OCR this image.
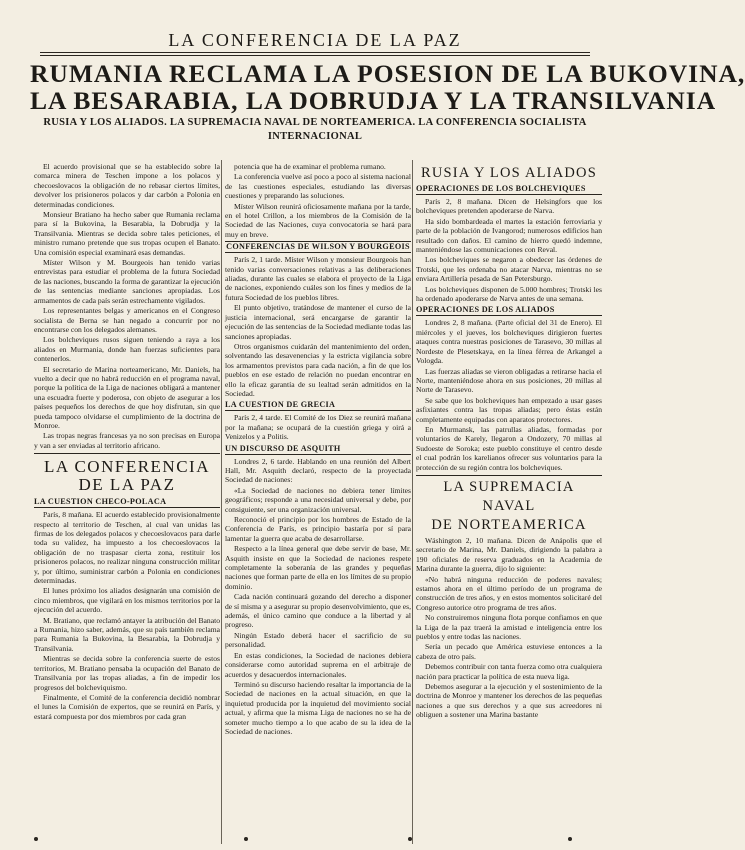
LA CONFERENCIA DE LA PAZ
RUMANIA RECLAMA LA POSESION DE LA BUKOVINA,
LA BESARABIA, LA DOBRUDJA Y LA TRANSILVANIA
RUSIA Y LOS ALIADOS. LA SUPREMACIA NAVAL DE NORTEAMERICA. LA CONFERENCIA SOCIALISTA INTERNACIONAL

El acuerdo provisional que se ha establecido sobre la comarca minera de Teschen impone a los polacos y checoeslovacos la obligación de no rebasar ciertos límites, devolver los prisioneros polacos y dar carbón a Polonia en determinadas condiciones.

Monsieur Bratiano ha hecho saber que Rumania reclama para sí la Bukovina, la Besarabia, la Dobrudja y la Transilvania. Mientras se decida sobre tales peticiones, el ministro rumano pretende que sus tropas ocupen el Banato. Una comisión especial examinará esas demandas.

Míster Wilson y M. Bourgeois han tenido varias entrevistas para estudiar el problema de la futura Sociedad de las naciones, buscando la forma de garantizar la ejecución de las sentencias mediante sanciones apropiadas. Los armamentos de cada país serán estrechamente vigilados.

Los representantes belgas y americanos en el Congreso socialista de Berna se han negado a concurrir por no encontrarse con los delegados alemanes.

Los bolcheviques rusos siguen teniendo a raya a los aliados en Murmania, donde han fuerzas suficientes para contenerlos.

El secretario de Marina norteamericano, Mr. Daniels, ha vuelto a decir que no habrá reducción en el programa naval, porque la política de la Liga de naciones obligará a mantener una escuadra fuerte y poderosa, con objeto de asegurar a los países pequeños los derechos de que hoy disfrutan, sin que pueda tampoco olvidarse el cumplimiento de la doctrina de Monroe.

Las tropas negras francesas ya no son precisas en Europa y van a ser enviadas al territorio africano.

LA CONFERENCIA DE LA PAZ
LA CUESTION CHECO-POLACA

París, 8 mañana. El acuerdo establecido provisionalmente respecto al territorio de Teschen, al cual van unidas las firmas de los delegados polacos y checoeslovacos para darle toda su validez, ha impuesto a los checoeslovacos la obligación de no traspasar cierta zona, restituir los prisioneros polacos, no realizar ninguna construcción militar y, por último, suministrar carbón a Polonia en condiciones determinadas.

El lunes próximo los aliados designarán una comisión de cinco miembros, que vigilará en los mismos territorios por la ejecución del acuerdo.

M. Bratiano, que reclamó antayer la atribución del Banato a Rumania, hizo saber, además, que su país también reclama para Rumania la Bukovina, la Besarabia, la Dobrudja y Transilvania.

Mientras se decida sobre la conferencia suerte de estos territorios, M. Bratiano pensaba la ocupación del Banato de Transilvania por las tropas aliadas, a fin de impedir los progresos del bolcheviquismo.

Finalmente, el Comité de la conferencia decidió nombrar el lunes la Comisión de expertos, que se reunirá en París, y estará compuesta por dos miembros por cada gran

potencia que ha de examinar el problema rumano.

La conferencia vuelve así poco a poco al sistema nacional de las cuestiones especiales, estudiando las diversas cuestiones y preparando las soluciones.

Míster Wilson reunirá oficiosamente mañana por la tarde, en el hotel Crillon, a los miembros de la Comisión de la Sociedad de las Naciones, cuya convocatoria se hará para muy en breve.

CONFERENCIAS DE WILSON Y BOURGEOIS

París 2, 1 tarde. Míster Wilson y monsieur Bourgeois han tenido varias conversaciones relativas a las deliberaciones aliadas, durante las cuales se elabora el proyecto de la Liga de naciones, exponiendo cuáles son los fines y medios de la futura Sociedad de los pueblos libres.

El punto objetivo, tratándose de mantener el curso de la justicia internacional, será encargarse de garantir la ejecución de las sentencias de la Sociedad mediante todas las sanciones apropiadas.

Otros organismos cuidarán del mantenimiento del orden, solventando las desavenencias y la estricta vigilancia sobre los armamentos previstos para cada nación, a fin de que los pueblos en ese estado de relación no puedan encontrar en ello la eficaz garantía de su lealtad serán admitidos en la Sociedad.

LA CUESTION DE GRECIA

París 2, 4 tarde. El Comité de los Diez se reunirá mañana por la mañana; se ocupará de la cuestión griega y oirá a Venizelos y a Politis.

UN DISCURSO DE ASQUITH

Londres 2, 6 tarde. Hablando en una reunión del Albert Hall, Mr. Asquith declaró, respecto de la proyectada Sociedad de naciones:

«La Sociedad de naciones no debiera tener límites geográficos; responde a una necesidad universal y debe, por consiguiente, ser una organización universal.

Reconoció el principio por los hombres de Estado de la Conferencia de París, es principio bastaría por sí para lamentar la guerra que acaba de desarrollarse.

Respecto a la línea general que debe servir de base, Mr. Asquith insiste en que la Sociedad de naciones respete completamente la soberanía de las grandes y pequeñas naciones que forman parte de ella en los límites de su propio dominio.

Cada nación continuará gozando del derecho a disponer de sí misma y a asegurar su propio desenvolvimiento, que es, además, el único camino que conduce a la libertad y al progreso.

Ningún Estado deberá hacer el sacrificio de su personalidad.

En estas condiciones, la Sociedad de naciones debiera considerarse como autoridad suprema en el arbitraje de acuerdos y desacuerdos internacionales.

Terminó su discurso haciendo resaltar la importancia de la Sociedad de naciones en la actual situación, en que la inquietud producida por la inquietud del movimiento social actual, y afirma que la misma Liga de naciones no se ha de someter mucho tiempo a lo que acabo de su la idea de la Sociedad de naciones.

RUSIA Y LOS ALIADOS
OPERACIONES DE LOS BOLCHEVIQUES

París 2, 8 mañana. Dicen de Helsingfors que los bolcheviques pretenden apoderarse de Narva.

Ha sido bombardeada el martes la estación ferroviaria y parte de la población de Ivangorod; numerosos edificios han resultado con daños. El camino de hierro quedó indemne, manteniéndose las comunicaciones con Reval.

Los bolcheviques se negaron a obedecer las órdenes de Trotski, que les ordenaba no atacar Narva, mientras no se enviara Artillería pesada de San Petersburgo.

Los bolcheviques disponen de 5.000 hombres; Trotski les ha ordenado apoderarse de Narva antes de una semana.

OPERACIONES DE LOS ALIADOS

Londres 2, 8 mañana. (Parte oficial del 31 de Enero). El miércoles y el jueves, los bolcheviques dirigieron fuertes ataques contra nuestras posiciones de Tarasevo, 30 millas al Nordeste de Plesetskaya, en la línea férrea de Arkangel a Vologda.

Las fuerzas aliadas se vieron obligadas a retirarse hacia el Norte, manteniéndose ahora en sus posiciones, 20 millas al Norte de Tarasevo.

Se sabe que los bolcheviques han empezado a usar gases asfixiantes contra las tropas aliadas; pero éstas están completamente equipadas con aparatos protectores.

En Murmansk, las patrullas aliadas, formadas por voluntarios de Karely, llegaron a Ondozery, 70 millas al Sudoeste de Soroka; este pueblo constituye el centro desde el cual podrán los karelianos ofrecer sus voluntarios para la protección de su región contra los bolcheviques.

LA SUPREMACIA
NAVAL
DE NORTEAMERICA

Wáshington 2, 10 mañana. Dicen de Anápolis que el secretario de Marina, Mr. Daniels, dirigiendo la palabra a 190 oficiales de reserva graduados en la Academia de Marina durante la guerra, dijo lo siguiente:

«No habrá ninguna reducción de poderes navales; estamos ahora en el último período de un programa de construcción de tres años, y en estos momentos solicitaré del Congreso autorice otro programa de tres años.

No construiremos ninguna flota porque confiamos en que la Liga de la paz traerá la amistad e inteligencia entre los pueblos y entre todas las naciones.

Sería un pecado que América estuviese entonces a la cabeza de otro país.

Debemos contribuir con tanta fuerza como otra cualquiera nación para practicar la política de esta nueva liga.

Debemos asegurar a la ejecución y el sostenimiento de la doctrina de Monroe y mantener los derechos de las pequeñas naciones a que sus derechos y a que sus acreedores ni obliguen a sostener una Marina bastante
